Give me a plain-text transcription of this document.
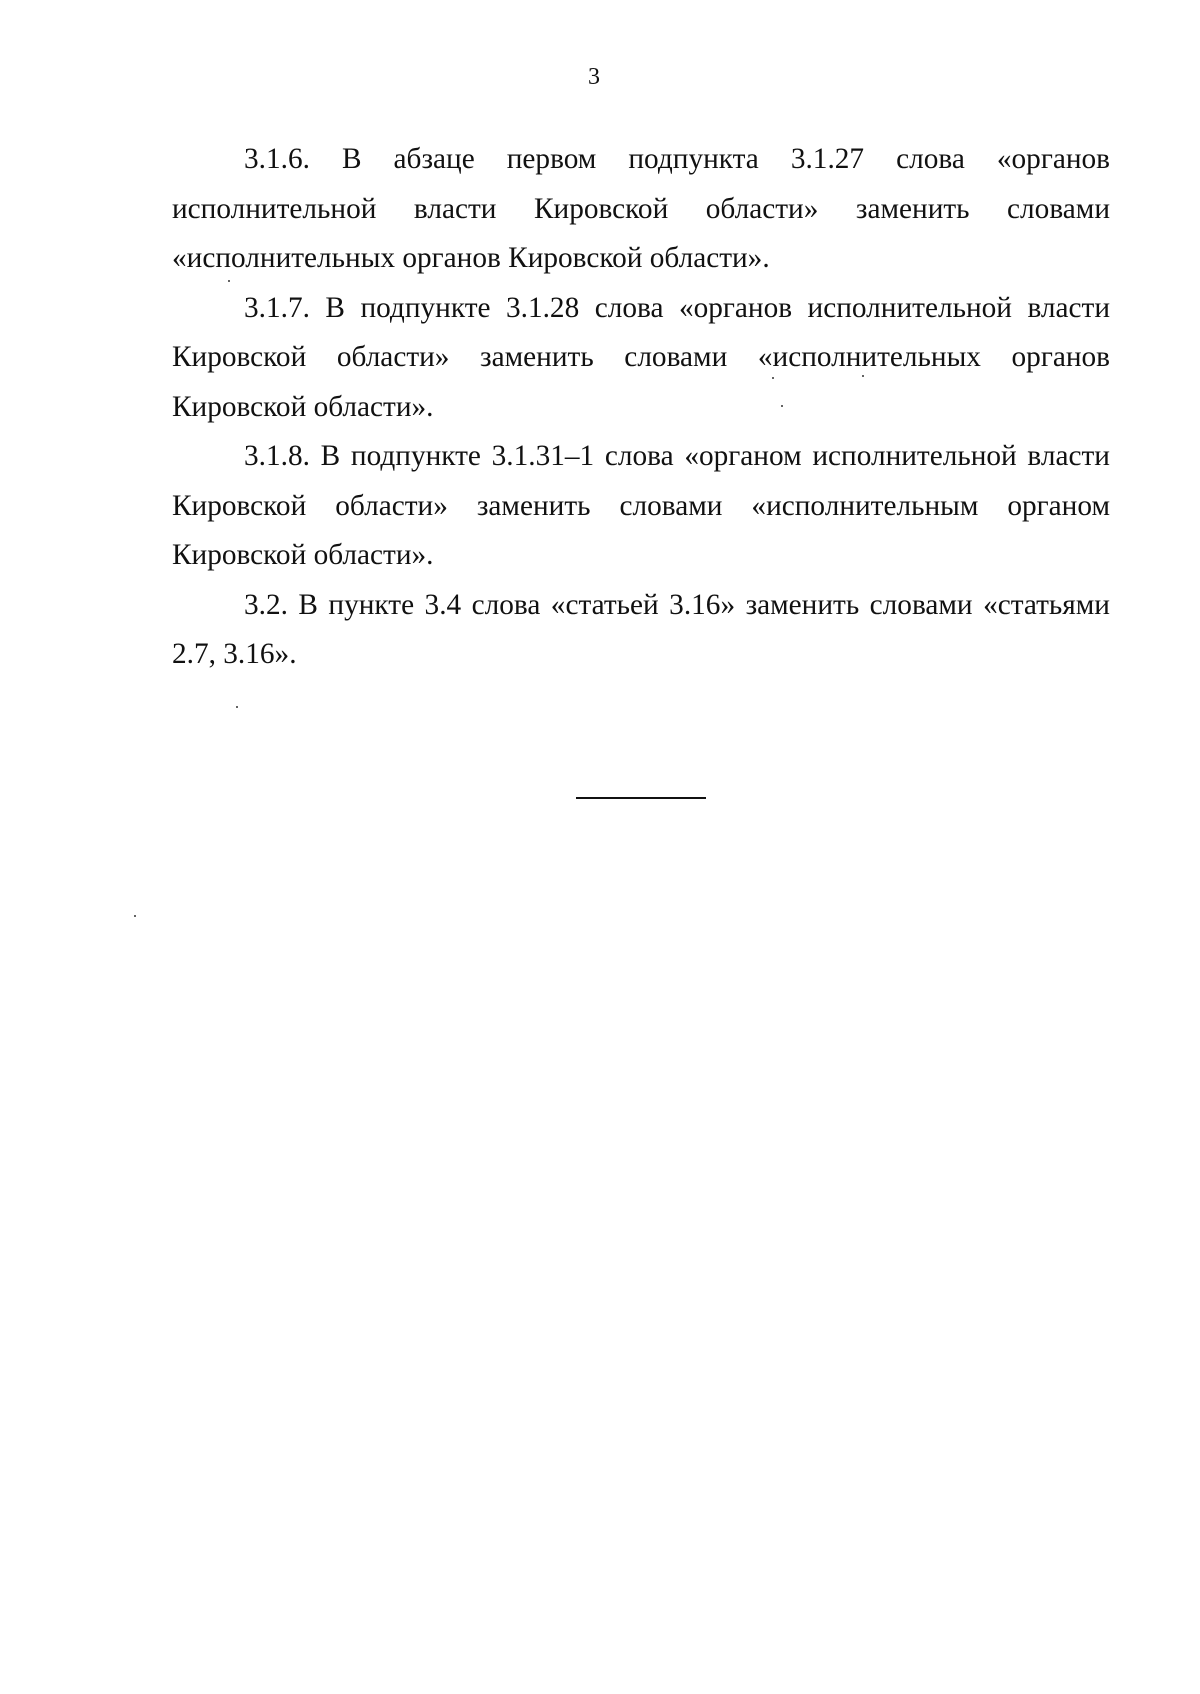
3

3.1.6. В абзаце первом подпункта 3.1.27 слова «органов исполнительной власти Кировской области» заменить словами «исполнительных органов Кировской области».

3.1.7. В подпункте 3.1.28 слова «органов исполнительной власти Кировской области» заменить словами «исполнительных органов Кировской области».

3.1.8. В подпункте 3.1.31–1 слова «органом исполнительной власти Кировской области» заменить словами «исполнительным органом Кировской области».

3.2. В пункте 3.4 слова «статьей 3.16» заменить словами «статьями 2.7, 3.16».
